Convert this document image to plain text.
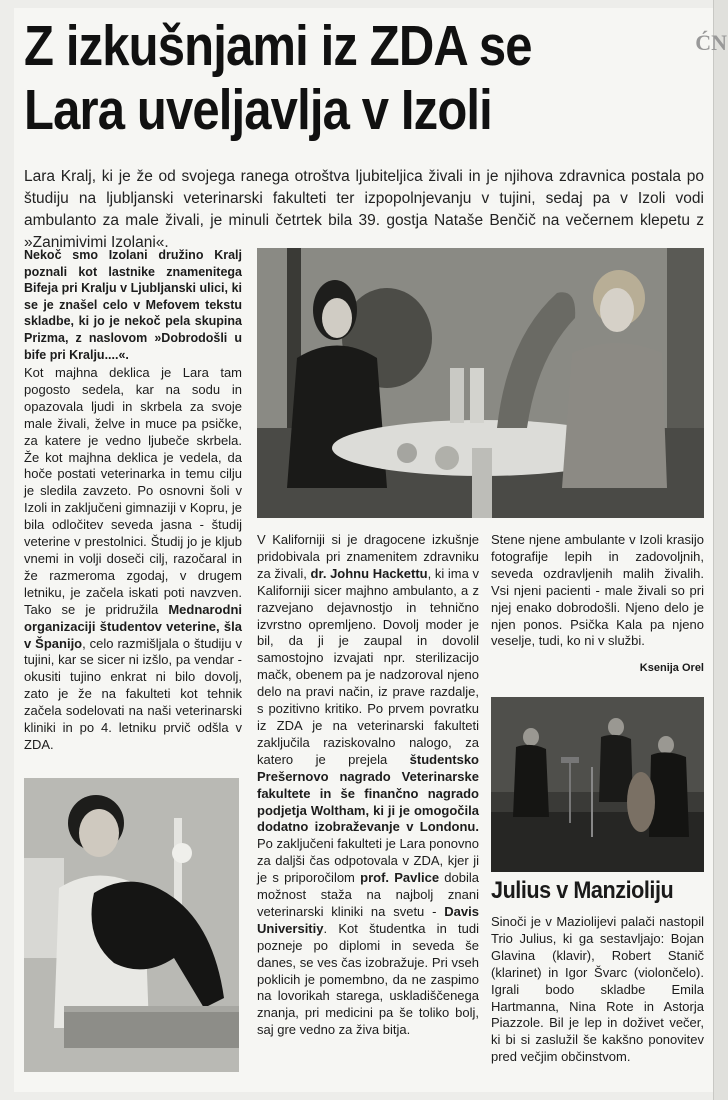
ĆN
Z izkušnjami iz ZDA se
Lara uveljavlja v Izoli

Lara Kralj, ki je že od svojega ranega otroštva ljubiteljica živali in je njihova zdravnica postala po študiju na ljubljanski veterinarski fakulteti ter izpopolnjevanju v tujini, sedaj pa v Izoli vodi ambulanto za male živali, je minuli četrtek bila 39. gostja Nataše Benčič na večernem klepetu z »Zanimivimi Izolani«.

Nekoč smo Izolani družino Kralj poznali kot lastnike znamenitega Bifeja pri Kralju v Ljubljanski ulici, ki se je znašel celo v Mefovem tekstu skladbe, ki jo je nekoč pela skupina Prizma, z naslovom »Dobrodošli u bife pri Kralju....«.

Kot majhna deklica je Lara tam pogosto sedela, kar na sodu in opazovala ljudi in skrbela za svoje male živali, želve in muce pa psičke, za katere je vedno ljubeče skrbela. Že kot majhna deklica je vedela, da hoče postati veterinarka in temu cilju je sledila zavzeto. Po osnovni šoli v Izoli in zaključeni gimnaziji v Kopru, je bila odločitev seveda jasna - študij veterine v prestolnici. Študij jo je kljub vnemi in volji doseči cilj, razočaral in že razmeroma zgodaj, v drugem letniku, je začela iskati poti navzven. Tako se je pridružila Mednarodni organizaciji študentov veterine, šla v Španijo, celo razmišljala o študiju v tujini, kar se sicer ni izšlo, pa vendar - okusiti tujino enkrat ni bilo dovolj, zato je že na fakulteti kot tehnik začela sodelovati na naši veterinarski kliniki in po 4. letniku prvič odšla v ZDA.

V Kaliforniji si je dragocene izkušnje pridobivala pri znamenitem zdravniku za živali, dr. Johnu Hackettu, ki ima v Kaliforniji sicer majhno ambulanto, a z razvejano dejavnostjo in tehnično izvrstno opremljeno. Dovolj moder je bil, da ji je zaupal in dovolil samostojno izvajati npr. sterilizacijo mačk, obenem pa je nadzoroval njeno delo na pravi način, iz prave razdalje, s pozitivno kritiko. Po prvem povratku iz ZDA je na veterinarski fakulteti zaključila raziskovalno nalogo, za katero je prejela študentsko Prešernovo nagrado Veterinarske fakultete in še finančno nagrado podjetja Woltham, ki ji je omogočila dodatno izobraževanje v Londonu. Po zaključeni fakulteti je Lara ponovno za daljši čas odpotovala v ZDA, kjer ji je s priporočilom prof. Pavlice dobila možnost staža na najbolj znani veterinarski kliniki na svetu - Davis Universitiy. Kot študentka in tudi pozneje po diplomi in seveda še danes, se ves čas izobražuje. Pri vseh poklicih je pomembno, da ne zaspimo na lovorikah starega, uskladiščenega znanja, pri medicini pa še toliko bolj, saj gre vedno za živa bitja.

Stene njene ambulante v Izoli krasijo fotografije lepih in zadovoljnih, seveda ozdravljenih malih živalih. Vsi njeni pacienti - male živali so pri njej enako dobrodošli. Njeno delo je njen ponos. Psička Kala pa njeno veselje, tudi, ko ni v službi.

Ksenija Orel

Julius v Manzioliju

Sinoči je v Maziolijevi palači nastopil Trio Julius, ki ga sestavljajo: Bojan Glavina (klavir), Robert Stanič (klarinet) in Igor Švarc (violončelo). Igrali bodo skladbe Emila Hartmanna, Nina Rote in Astorja Piazzole. Bil je lep in doživet večer, ki bi si zaslužil še kakšno ponovitev pred večjim občinstvom.
